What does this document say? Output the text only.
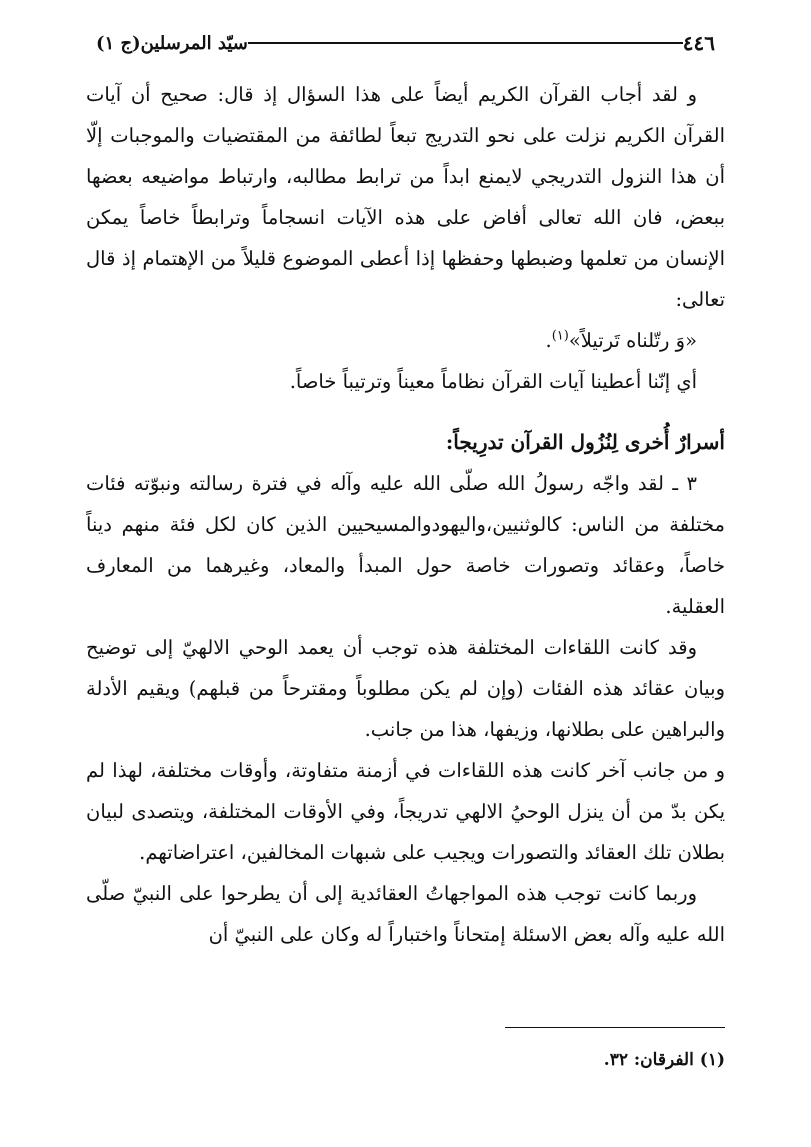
٤٤٦
سيّد المرسلين(ج ١)

و لقد أجاب القرآن الكريم أيضاً على هذا السؤال إذ قال: صحيح أن آيات القرآن الكريم نزلت على نحو التدريج تبعاً لطائفة من المقتضيات والموجبات إلّا أن هذا النزول التدريجي لايمنع ابداً من ترابط مطالبه، وارتباط مواضيعه بعضها ببعض، فان الله تعالى أفاض على هذه الآيات انسجاماً وترابطاً خاصاً يمكن الإنسان من تعلمها وضبطها وحفظها إذا أعطى الموضوع قليلاً من الإهتمام إذ قال تعالى:

«وَ رتّلناه تَرتيلاً»$^{(١)}$.

أي إنّنا أعطينا آيات القرآن نظاماً معيناً وترتيباً خاصاً.

أسرارٌ أُخرى لِنُزُول القرآن تدرِيجاً:

٣ ـ لقد واجّه رسولُ الله صلّى الله عليه وآله في فترة رسالته ونبوّته فئات مختلفة من الناس: كالوثنيين،واليهودوالمسيحيين الذين كان لكل فئة منهم ديناً خاصاً، وعقائد وتصورات خاصة حول المبدأ والمعاد، وغيرهما من المعارف العقلية.

وقد كانت اللقاءات المختلفة هذه توجب أن يعمد الوحي الالهيّ إلى توضيح وبيان عقائد هذه الفئات (وإن لم يكن مطلوباً ومقترحاً من قبلهم) ويقيم الأدلة والبراهين على بطلانها، وزيفها، هذا من جانب.

و من جانب آخر كانت هذه اللقاءات في أزمنة متفاوتة، وأوقات مختلفة، لهذا لم يكن بدّ من أن ينزل الوحيُ الالهي تدريجاً، وفي الأوقات المختلفة، ويتصدى لبيان بطلان تلك العقائد والتصورات ويجيب على شبهات المخالفين، اعتراضاتهم.

وربما كانت توجب هذه المواجهاتُ العقائدية إلى أن يطرحوا على النبيّ صلّى الله عليه وآله بعض الاسئلة إمتحاناً واختباراً له وكان على النبيّ أن

(١) الفرقان: ٣٢.
